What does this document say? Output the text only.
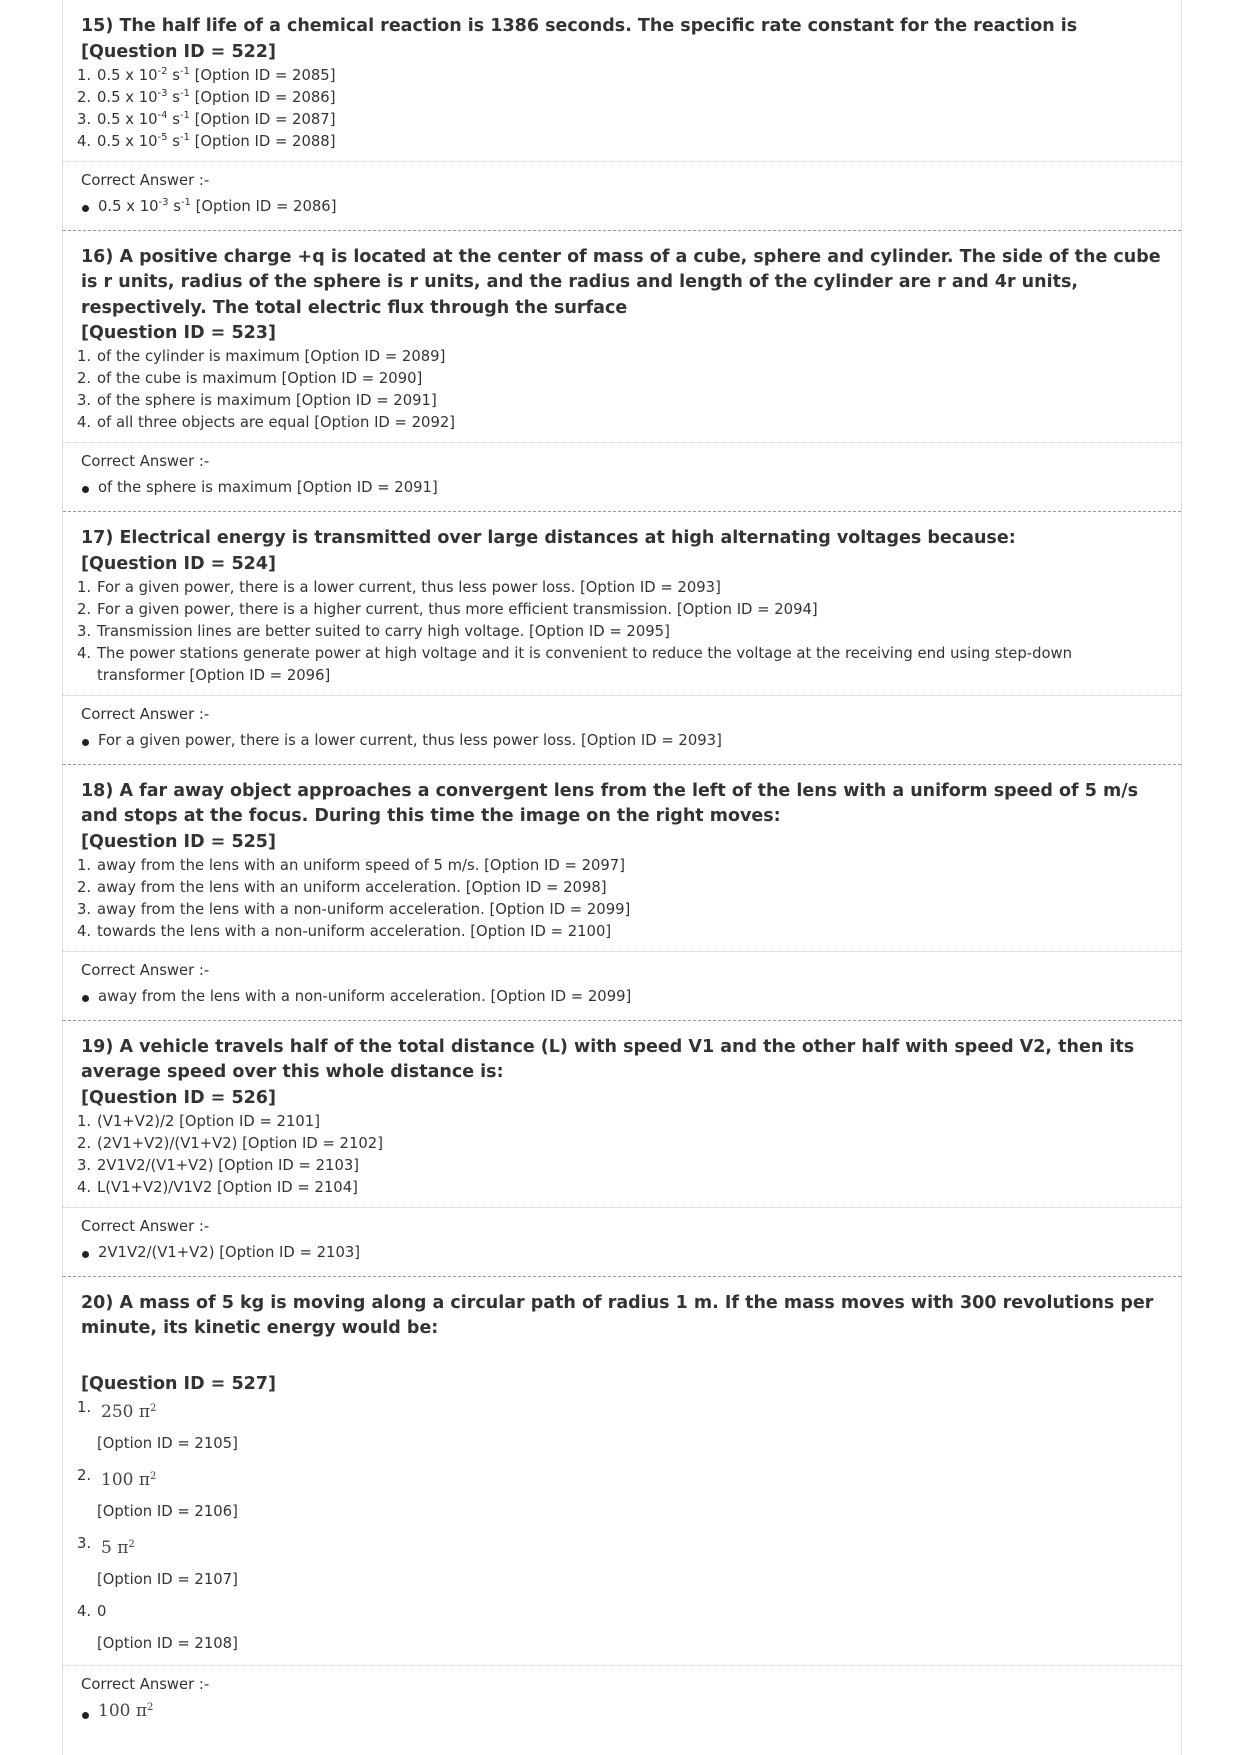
15) The half life of a chemical reaction is 1386 seconds. The specific rate constant for the reaction is
[Question ID = 522]
1. 0.5 x $10^{-2}$ $s^{-1}$ [Option ID = 2085]
2. 0.5 x $10^{-3}$ $s^{-1}$ [Option ID = 2086]
3. 0.5 x $10^{-4}$ $s^{-1}$ [Option ID = 2087]
4. 0.5 x $10^{-5}$ $s^{-1}$ [Option ID = 2088]
Correct Answer :-
0.5 x $10^{-3}$ $s^{-1}$ [Option ID = 2086]
16) A positive charge +q is located at the center of mass of a cube, sphere and cylinder. The side of the cube is r units, radius of the sphere is r units, and the radius and length of the cylinder are r and 4r units, respectively. The total electric flux through the surface
[Question ID = 523]
1. of the cylinder is maximum [Option ID = 2089]
2. of the cube is maximum [Option ID = 2090]
3. of the sphere is maximum [Option ID = 2091]
4. of all three objects are equal [Option ID = 2092]
Correct Answer :-
of the sphere is maximum [Option ID = 2091]
17) Electrical energy is transmitted over large distances at high alternating voltages because:
[Question ID = 524]
1. For a given power, there is a lower current, thus less power loss. [Option ID = 2093]
2. For a given power, there is a higher current, thus more efficient transmission. [Option ID = 2094]
3. Transmission lines are better suited to carry high voltage. [Option ID = 2095]
4. The power stations generate power at high voltage and it is convenient to reduce the voltage at the receiving end using step-down transformer [Option ID = 2096]
Correct Answer :-
For a given power, there is a lower current, thus less power loss. [Option ID = 2093]
18) A far away object approaches a convergent lens from the left of the lens with a uniform speed of 5 m/s and stops at the focus. During this time the image on the right moves:
[Question ID = 525]
1. away from the lens with an uniform speed of 5 m/s. [Option ID = 2097]
2. away from the lens with an uniform acceleration. [Option ID = 2098]
3. away from the lens with a non-uniform acceleration. [Option ID = 2099]
4. towards the lens with a non-uniform acceleration. [Option ID = 2100]
Correct Answer :-
away from the lens with a non-uniform acceleration. [Option ID = 2099]
19) A vehicle travels half of the total distance (L) with speed V1 and the other half with speed V2, then its average speed over this whole distance is:
[Question ID = 526]
1. (V1+V2)/2 [Option ID = 2101]
2. (2V1+V2)/(V1+V2) [Option ID = 2102]
3. 2V1V2/(V1+V2) [Option ID = 2103]
4. L(V1+V2)/V1V2 [Option ID = 2104]
Correct Answer :-
2V1V2/(V1+V2) [Option ID = 2103]
20) A mass of 5 kg is moving along a circular path of radius 1 m. If the mass moves with 300 revolutions per minute, its kinetic energy would be:
[Question ID = 527]
1. 250 $\pi^2$
[Option ID = 2105]
2. 100 $\pi^2$
[Option ID = 2106]
3. 5 $\pi^2$
[Option ID = 2107]
4. 0
[Option ID = 2108]
Correct Answer :-
100 $\pi^2$
